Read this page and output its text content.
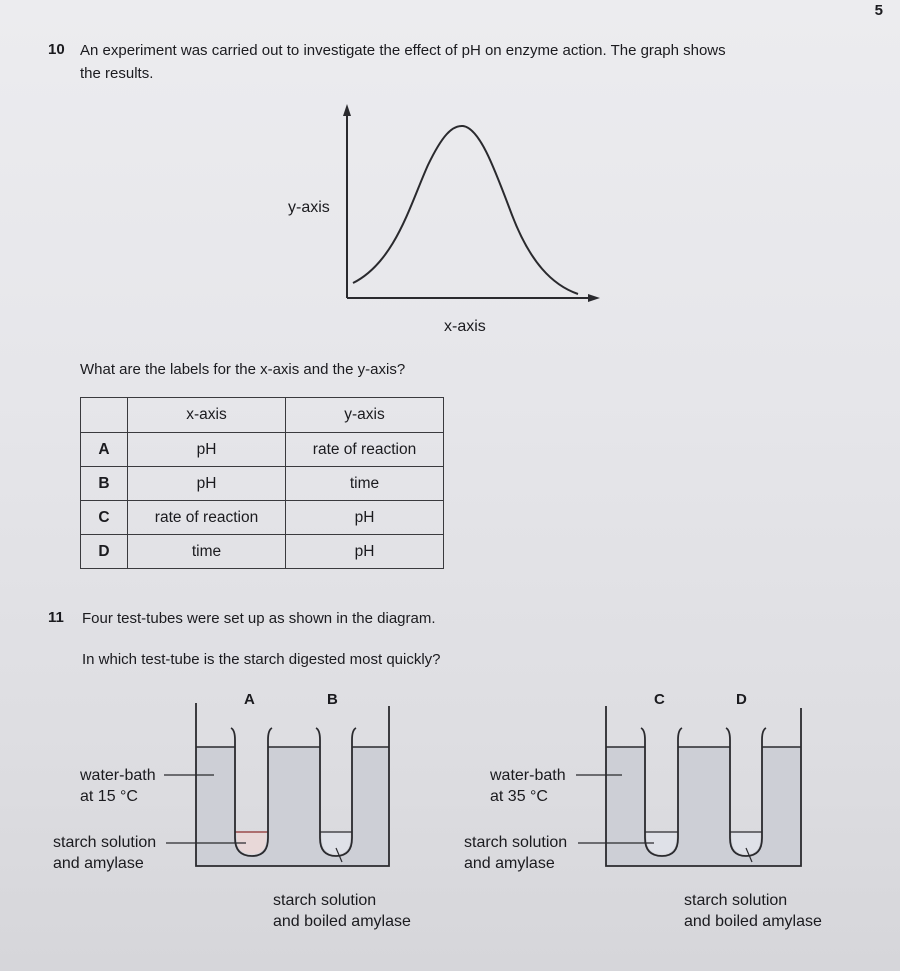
5
10 An experiment was carried out to investigate the effect of pH on enzyme action. The graph shows
the results.
y-axis
x-axis
What are the labels for the x-axis and the y-axis?
	x-axis	y-axis
A	pH	rate of reaction
B	pH	time
C	rate of reaction	pH
D	time	pH
11 Four test-tubes were set up as shown in the diagram.
In which test-tube is the starch digested most quickly?
A	B
water-bath
at 15 °C
starch solution
and amylase
starch solution
and boiled amylase
C	D
water-bath
at 35 °C
starch solution
and amylase
starch solution
and boiled amylase
